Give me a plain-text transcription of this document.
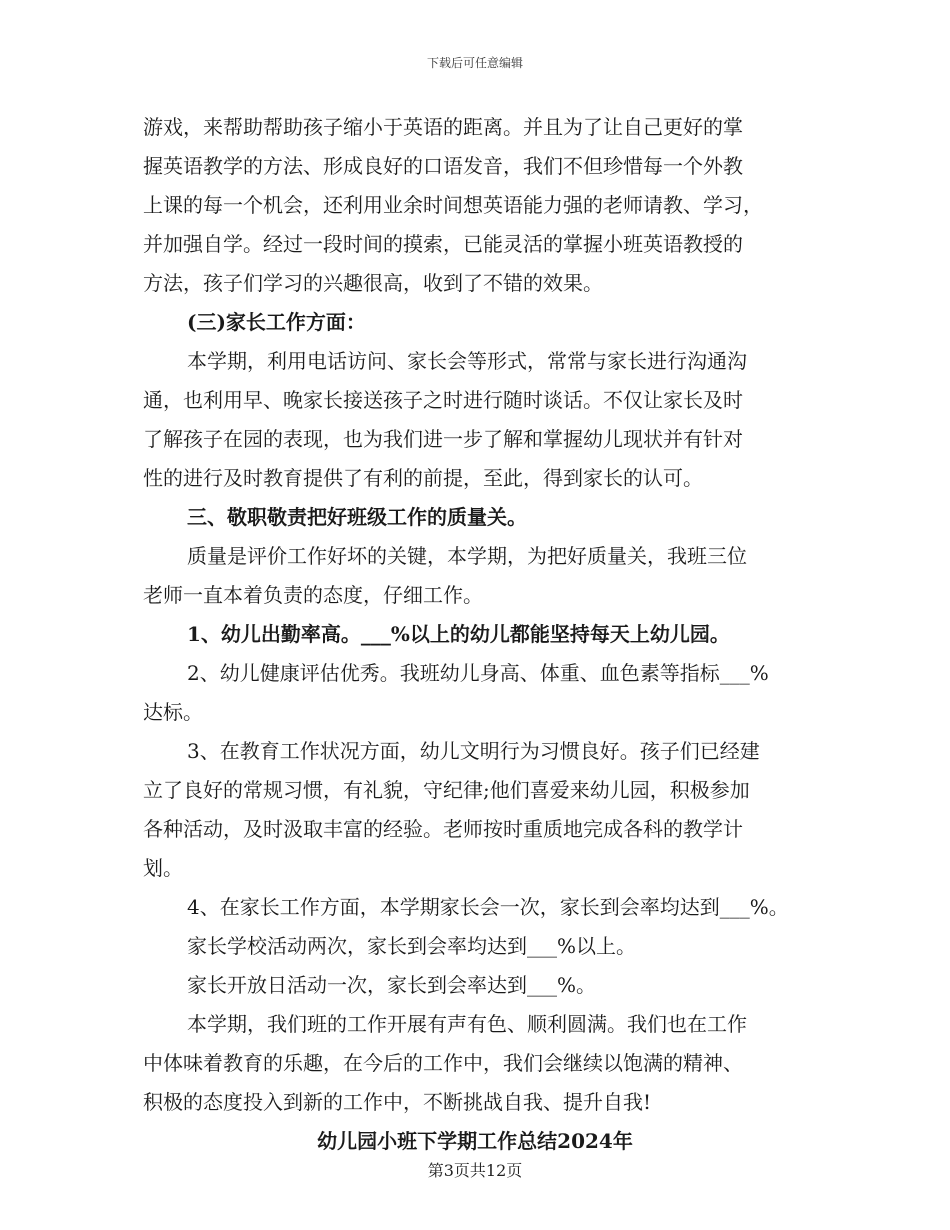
下载后可任意编辑
游戏，来帮助帮助孩子缩小于英语的距离。并且为了让自己更好的掌
握英语教学的方法、形成良好的口语发音，我们不但珍惜每一个外教
上课的每一个机会，还利用业余时间想英语能力强的老师请教、学习，
并加强自学。经过一段时间的摸索，已能灵活的掌握小班英语教授的
方法，孩子们学习的兴趣很高，收到了不错的效果。
(三)家长工作方面：
本学期，利用电话访问、家长会等形式，常常与家长进行沟通沟
通，也利用早、晚家长接送孩子之时进行随时谈话。不仅让家长及时
了解孩子在园的表现，也为我们进一步了解和掌握幼儿现状并有针对
性的进行及时教育提供了有利的前提，至此，得到家长的认可。
三、敬职敬责把好班级工作的质量关。
质量是评价工作好坏的关键，本学期，为把好质量关，我班三位
老师一直本着负责的态度，仔细工作。
1、幼儿出勤率高。___%以上的幼儿都能坚持每天上幼儿园。
2、幼儿健康评估优秀。我班幼儿身高、体重、血色素等指标___%
达标。
3、在教育工作状况方面，幼儿文明行为习惯良好。孩子们已经建
立了良好的常规习惯，有礼貌，守纪律;他们喜爱来幼儿园，积极参加
各种活动，及时汲取丰富的经验。老师按时重质地完成各科的教学计
划。
4、在家长工作方面，本学期家长会一次，家长到会率均达到___%。
家长学校活动两次，家长到会率均达到___%以上。
家长开放日活动一次，家长到会率达到___%。
本学期，我们班的工作开展有声有色、顺利圆满。我们也在工作
中体味着教育的乐趣，在今后的工作中，我们会继续以饱满的精神、
积极的态度投入到新的工作中，不断挑战自我、提升自我!
幼儿园小班下学期工作总结2024年
第3页共12页
